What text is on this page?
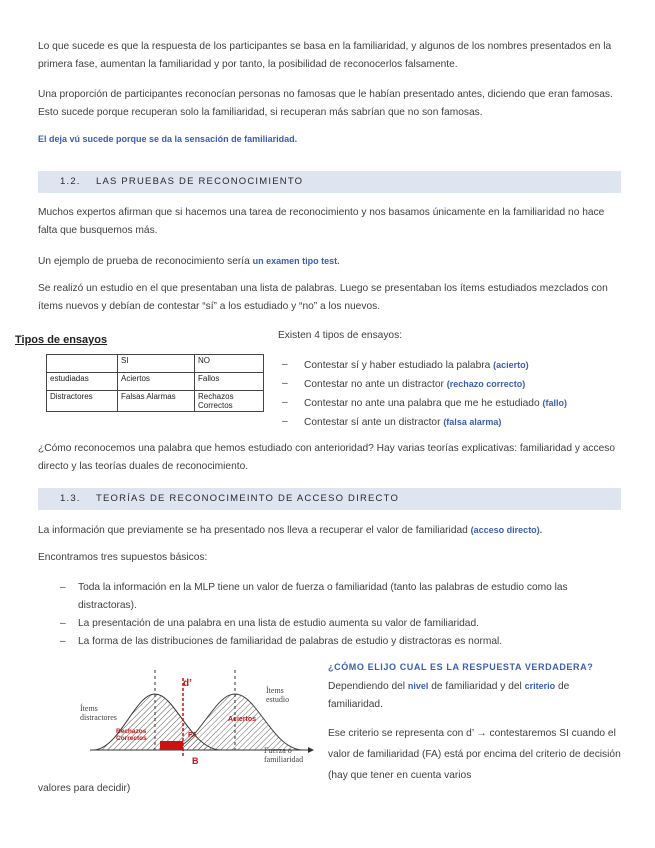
Lo que sucede es que la respuesta de los participantes se basa en la familiaridad, y algunos de los nombres presentados en la primera fase, aumentan la familiaridad y por tanto, la posibilidad de reconocerlos falsamente.

Una proporción de participantes reconocían personas no famosas que le habían presentado antes, diciendo que eran famosas. Esto sucede porque recuperan solo la familiaridad, si recuperan más sabrían que no son famosas.

El deja vú sucede porque se da la sensación de familiaridad.

1.2. LAS PRUEBAS DE RECONOCIMIENTO

Muchos expertos afirman que si hacemos una tarea de reconocimiento y nos basamos únicamente en la familiaridad no hace falta que busquemos más.

Un ejemplo de prueba de reconocimiento sería un examen tipo test.

Se realizó un estudio en el que presentaban una lista de palabras. Luego se presentaban los ítems estudiados mezclados con ítems nuevos y debían de contestar “sí” a los estudiado y “no” a los nuevos.

Tipos de ensayos
	SI	NO
estudiadas	Aciertos	Fallos
Distractores	Falsas Alarmas	Rechazos Correctos

Existen 4 tipos de ensayos:

– Contestar sí y haber estudiado la palabra (acierto)
– Contestar no ante un distractor (rechazo correcto)
– Contestar no ante una palabra que me he estudiado (fallo)
– Contestar sí ante un distractor (falsa alarma)

¿Cómo reconocemos una palabra que hemos estudiado con anterioridad? Hay varias teorías explicativas: familiaridad y acceso directo y las teorías duales de reconocimiento.

1.3. TEORÍAS DE RECONOCIMEINTO DE ACCESO DIRECTO

La información que previamente se ha presentado nos lleva a recuperar el valor de familiaridad (acceso directo).

Encontramos tres supuestos básicos:

– Toda la información en la MLP tiene un valor de fuerza o familiaridad (tanto las palabras de estudio como las distractoras).
– La presentación de una palabra en una lista de estudio aumenta su valor de familiaridad.
– La forma de las distribuciones de familiaridad de palabras de estudio y distractoras es normal.
d’
Ítems distractores
Ítems estudio
Rechazos Correctos
Aciertos
FA
B
Fuerza o familiaridad

¿CÓMO ELIJO CUAL ES LA RESPUESTA VERDADERA?

Dependiendo del nivel de familiaridad y del criterio de familiaridad.

Ese criterio se representa con d’ → contestaremos SI cuando el valor de familiaridad (FA) está por encima del criterio de decisión (hay que tener en cuenta varios

valores para decidir)
